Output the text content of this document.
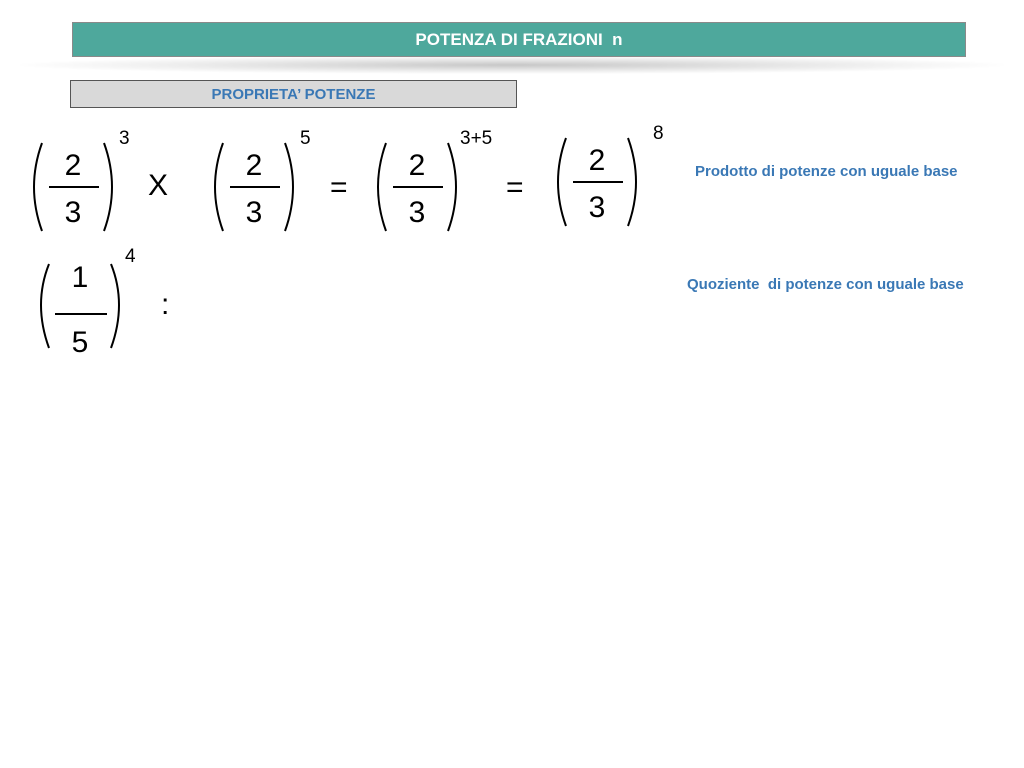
POTENZA DI FRAZIONI  n
PROPRIETA’ POTENZE
2
3
3
X
2
3
5
=
2
3
3+5
=
2
3
8
Prodotto di potenze con uguale base
1
5
4
:
Quoziente  di potenze con uguale base
